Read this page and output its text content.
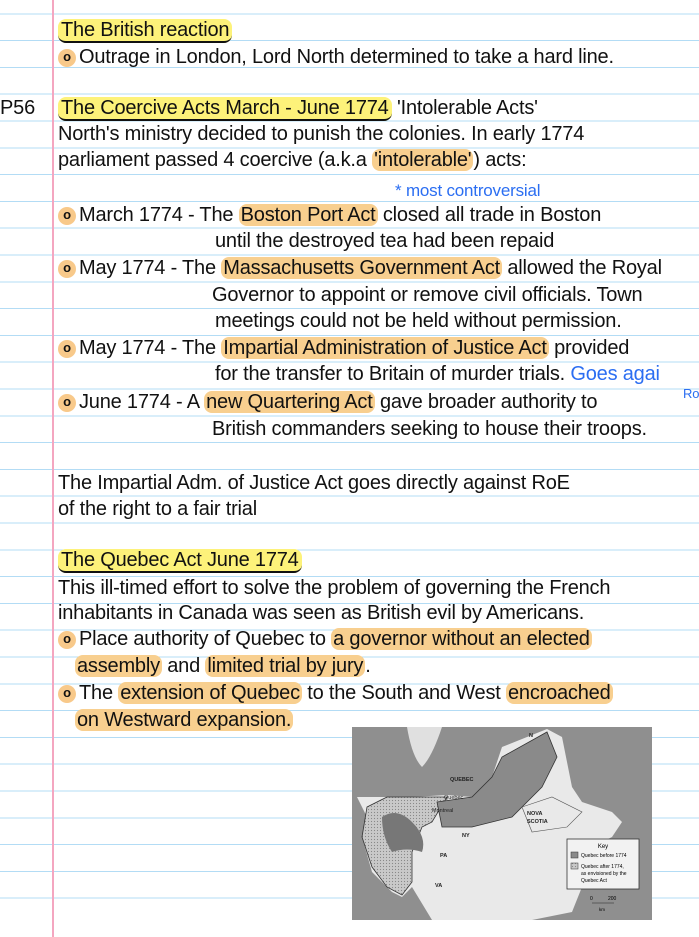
The British reaction
o Outrage in London, Lord North determined to take a hard line.
P56 The Coercive Acts March - June 1774 'Intolerable Acts'
North's ministry decided to punish the colonies. In early 1774
parliament passed 4 coercive (a.k.a 'intolerable' ) acts:
* most controversial
o March 1774 - The Boston Port Act closed all trade in Boston
until the destroyed tea had been repaid
o May 1774 - The Massachusetts Government Act allowed the Royal
Governor to appoint or remove civil officials. Town
meetings could not be held without permission.
o May 1774 - The Impartial Administration of Justice Act provided
for the transfer to Britain of murder trials. Goes agai
Ro
o June 1774 - A new Quartering Act gave broader authority to
British commanders seeking to house their troops.
The Impartial Adm. of Justice Act goes directly against RoE
of the right to a fair trial
The Quebec Act June 1774
This ill-timed effort to solve the problem of governing the French
inhabitants in Canada was seen as British evil by Americans.
o Place authority of Quebec to a governor without an elected
assembly and limited trial by jury .
o The extension of Quebec to the South and West encroached
on Westward expansion.
Key
Quebec before 1774
Quebec after 1774,
as envisioned by the
Quebec Act
QUEBEC
Quebec
Montreal	NOVA
SCOTIA
NY
PA
VA
N
0	200
km
